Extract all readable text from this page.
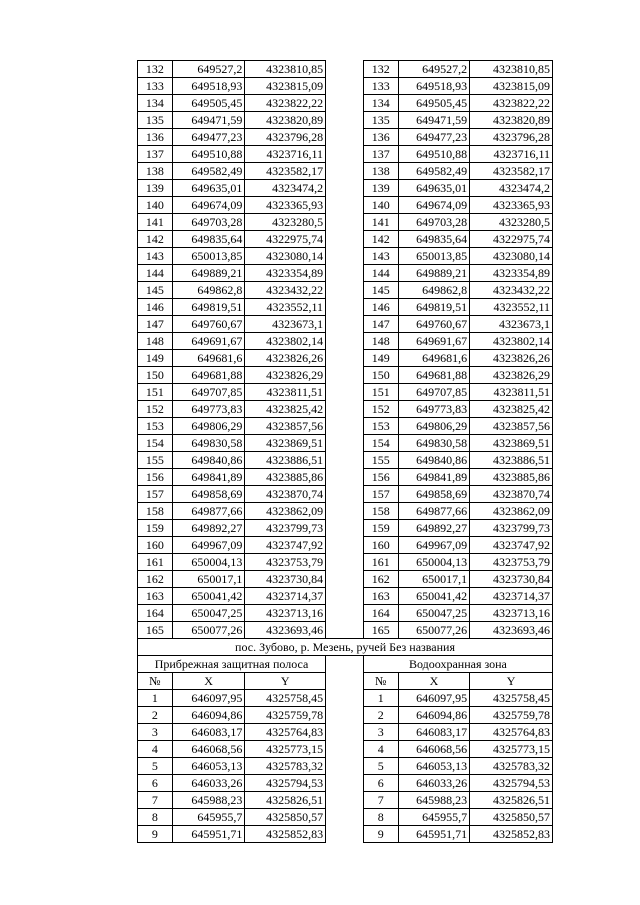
132	649527,2	4323810,85		132	649527,2	4323810,85
133	649518,93	4323815,09		133	649518,93	4323815,09
134	649505,45	4323822,22		134	649505,45	4323822,22
135	649471,59	4323820,89		135	649471,59	4323820,89
136	649477,23	4323796,28		136	649477,23	4323796,28
137	649510,88	4323716,11		137	649510,88	4323716,11
138	649582,49	4323582,17		138	649582,49	4323582,17
139	649635,01	4323474,2		139	649635,01	4323474,2
140	649674,09	4323365,93		140	649674,09	4323365,93
141	649703,28	4323280,5		141	649703,28	4323280,5
142	649835,64	4322975,74		142	649835,64	4322975,74
143	650013,85	4323080,14		143	650013,85	4323080,14
144	649889,21	4323354,89		144	649889,21	4323354,89
145	649862,8	4323432,22		145	649862,8	4323432,22
146	649819,51	4323552,11		146	649819,51	4323552,11
147	649760,67	4323673,1		147	649760,67	4323673,1
148	649691,67	4323802,14		148	649691,67	4323802,14
149	649681,6	4323826,26		149	649681,6	4323826,26
150	649681,88	4323826,29		150	649681,88	4323826,29
151	649707,85	4323811,51		151	649707,85	4323811,51
152	649773,83	4323825,42		152	649773,83	4323825,42
153	649806,29	4323857,56		153	649806,29	4323857,56
154	649830,58	4323869,51		154	649830,58	4323869,51
155	649840,86	4323886,51		155	649840,86	4323886,51
156	649841,89	4323885,86		156	649841,89	4323885,86
157	649858,69	4323870,74		157	649858,69	4323870,74
158	649877,66	4323862,09		158	649877,66	4323862,09
159	649892,27	4323799,73		159	649892,27	4323799,73
160	649967,09	4323747,92		160	649967,09	4323747,92
161	650004,13	4323753,79		161	650004,13	4323753,79
162	650017,1	4323730,84		162	650017,1	4323730,84
163	650041,42	4323714,37		163	650041,42	4323714,37
164	650047,25	4323713,16		164	650047,25	4323713,16
165	650077,26	4323693,46		165	650077,26	4323693,46
пос. Зубово, р. Мезень, ручей Без названия						
Прибрежная защитная полоса				Водоохранная зона		
№	X	Y		№	X	Y
1	646097,95	4325758,45		1	646097,95	4325758,45
2	646094,86	4325759,78		2	646094,86	4325759,78
3	646083,17	4325764,83		3	646083,17	4325764,83
4	646068,56	4325773,15		4	646068,56	4325773,15
5	646053,13	4325783,32		5	646053,13	4325783,32
6	646033,26	4325794,53		6	646033,26	4325794,53
7	645988,23	4325826,51		7	645988,23	4325826,51
8	645955,7	4325850,57		8	645955,7	4325850,57
9	645951,71	4325852,83		9	645951,71	4325852,83
